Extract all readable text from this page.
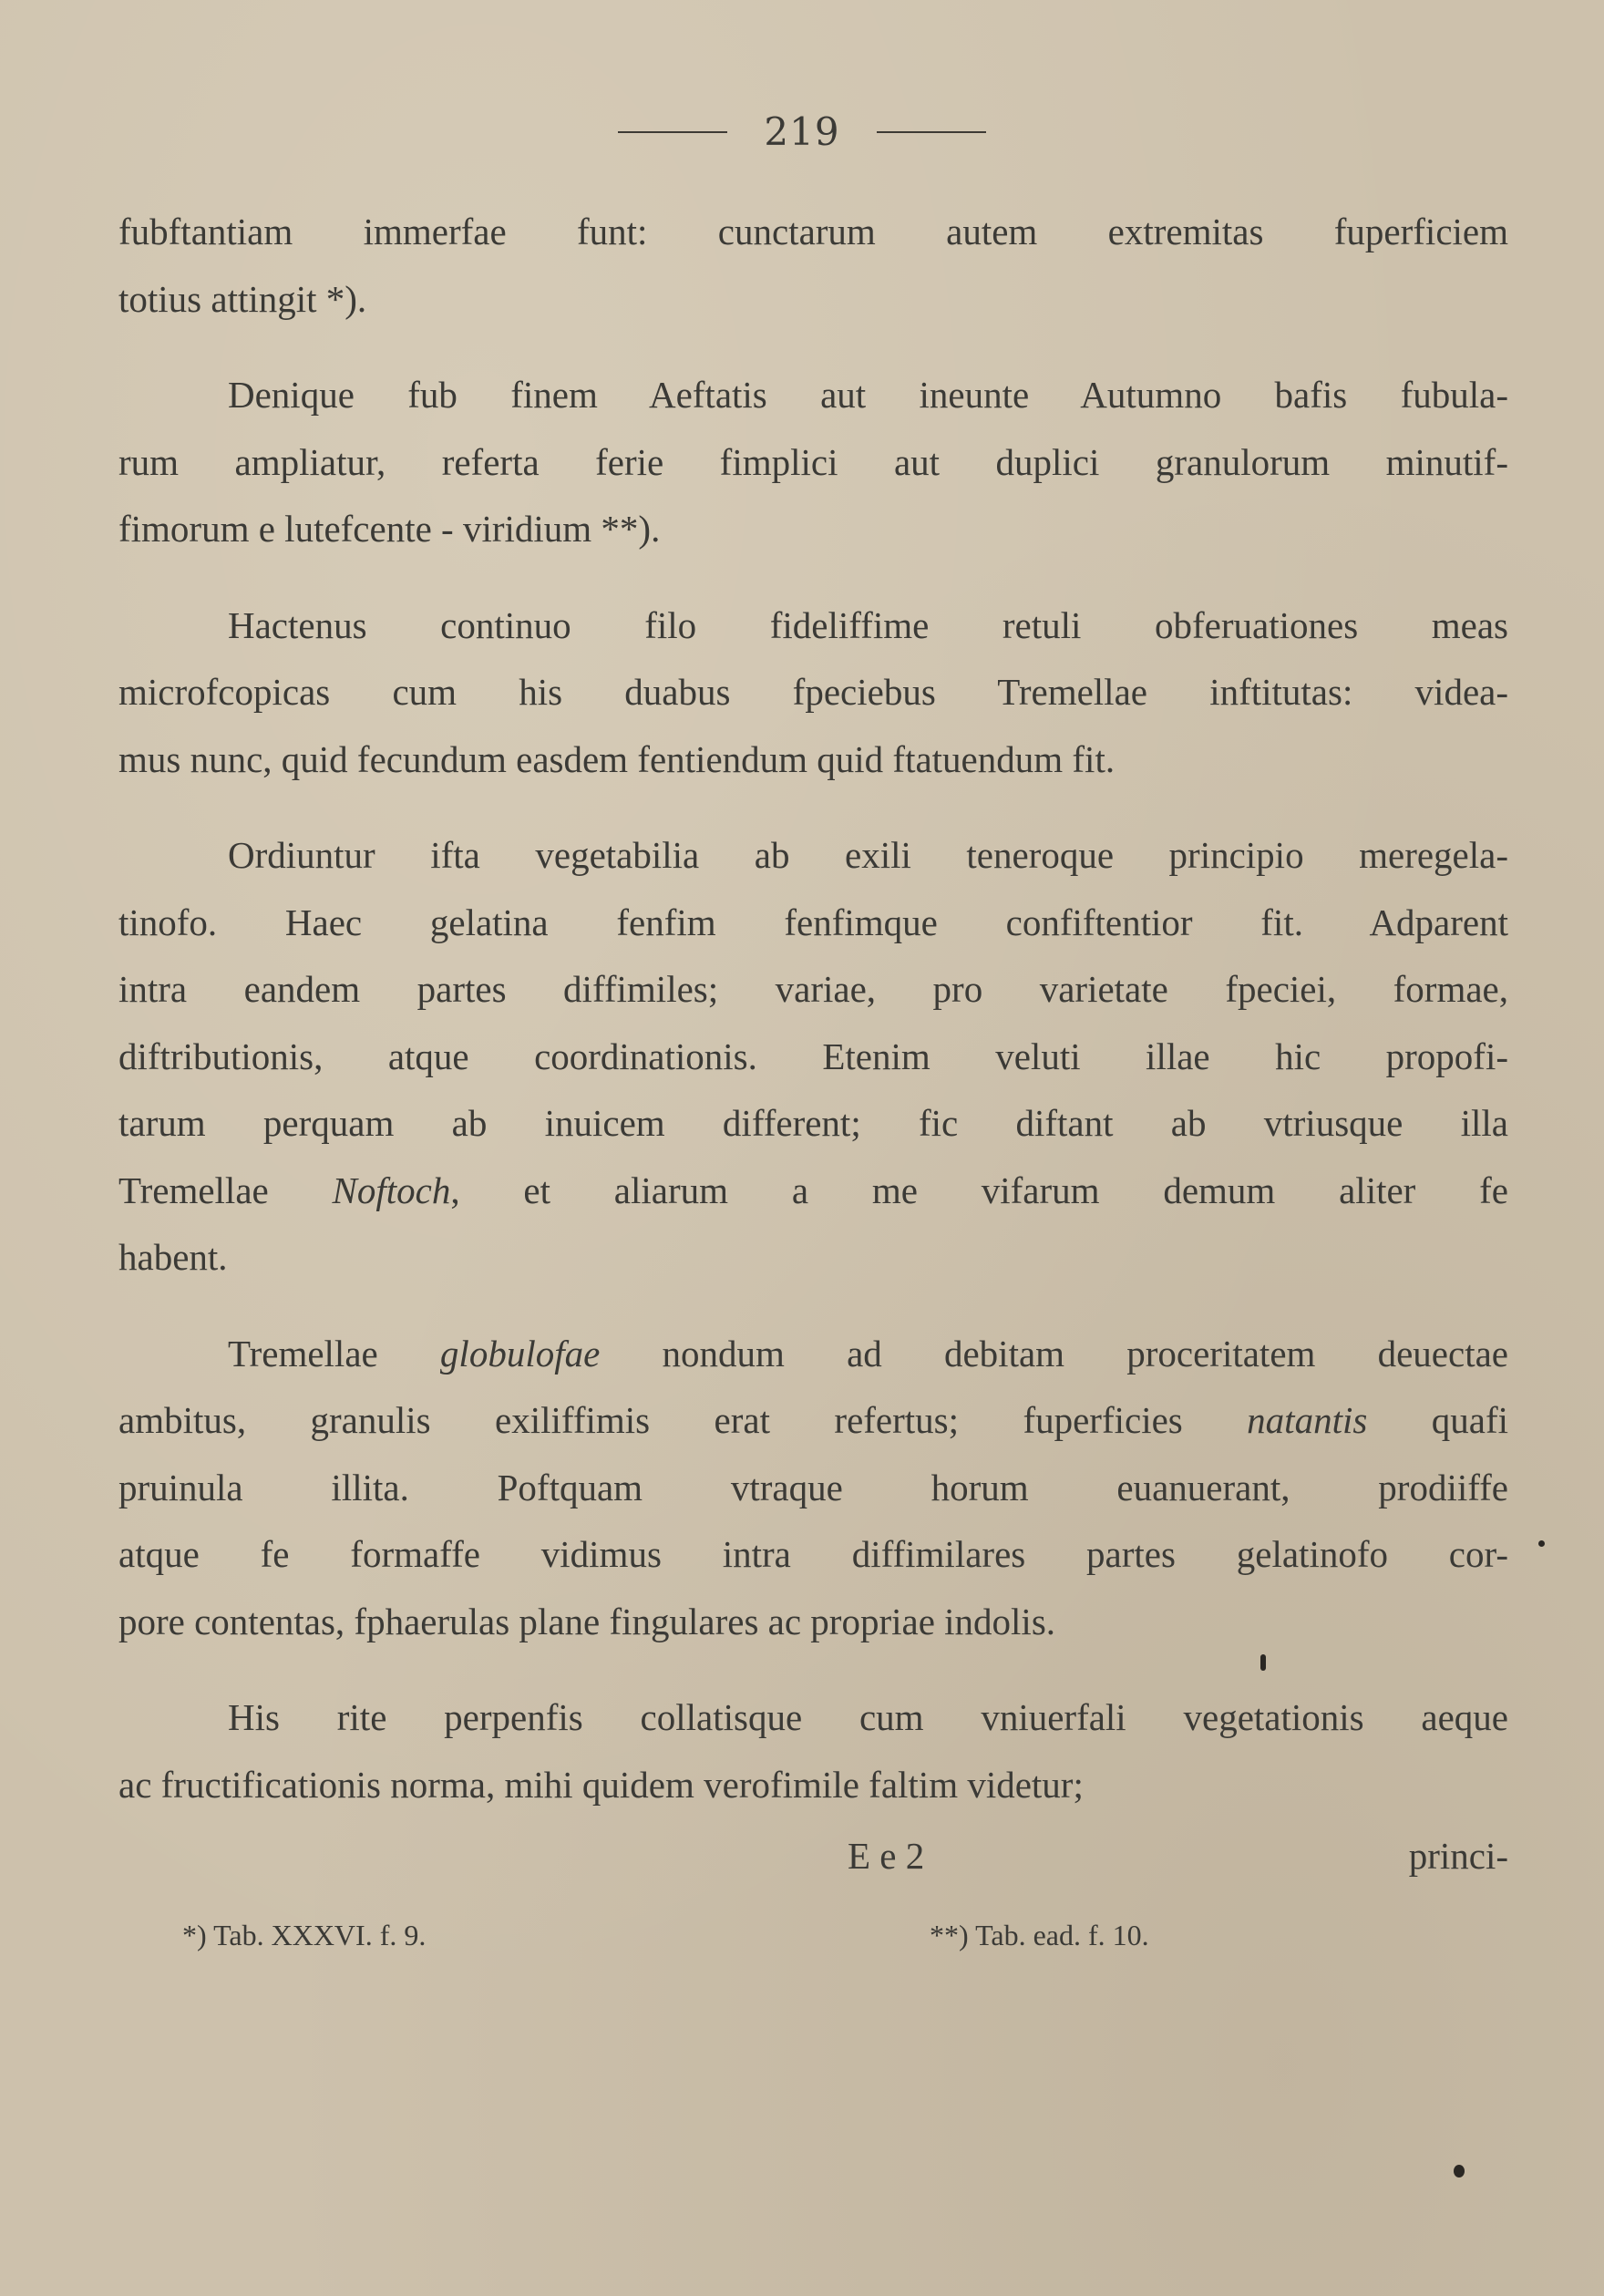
219
fubftantiam immerfae funt: cunctarum autem extremitas fuperficiem
totius attingit *).
Denique fub finem Aeftatis aut ineunte Autumno bafis fubula-
rum ampliatur, referta ferie fimplici aut duplici granulorum minutif-
fimorum e lutefcente - viridium **).
Hactenus continuo filo fideliffime retuli obferuationes meas
microfcopicas cum his duabus fpeciebus Tremellae inftitutas: videa-
mus nunc, quid fecundum easdem fentiendum quid ftatuendum fit.
Ordiuntur ifta vegetabilia ab exili teneroque principio meregela-
tinofo. Haec gelatina fenfim fenfimque confiftentior fit. Adparent
intra eandem partes diffimiles; variae, pro varietate fpeciei, formae,
diftributionis, atque coordinationis. Etenim veluti illae hic propofi-
tarum perquam ab inuicem different; fic diftant ab vtriusque illa
Tremellae Noftoch, et aliarum a me vifarum demum aliter fe
habent.
Tremellae globulofae nondum ad debitam proceritatem deuectae
ambitus, granulis exiliffimis erat refertus; fuperficies natantis quafi
pruinula illita. Poftquam vtraque horum euanuerant, prodiiffe
atque fe formaffe vidimus intra diffimilares partes gelatinofo cor-
pore contentas, fphaerulas plane fingulares ac propriae indolis.
His rite perpenfis collatisque cum vniuerfali vegetationis aeque
ac fructificationis norma, mihi quidem verofimile faltim videtur;
E e 2	princi-
*) Tab. XXXVI. f. 9.	**) Tab. ead. f. 10.
